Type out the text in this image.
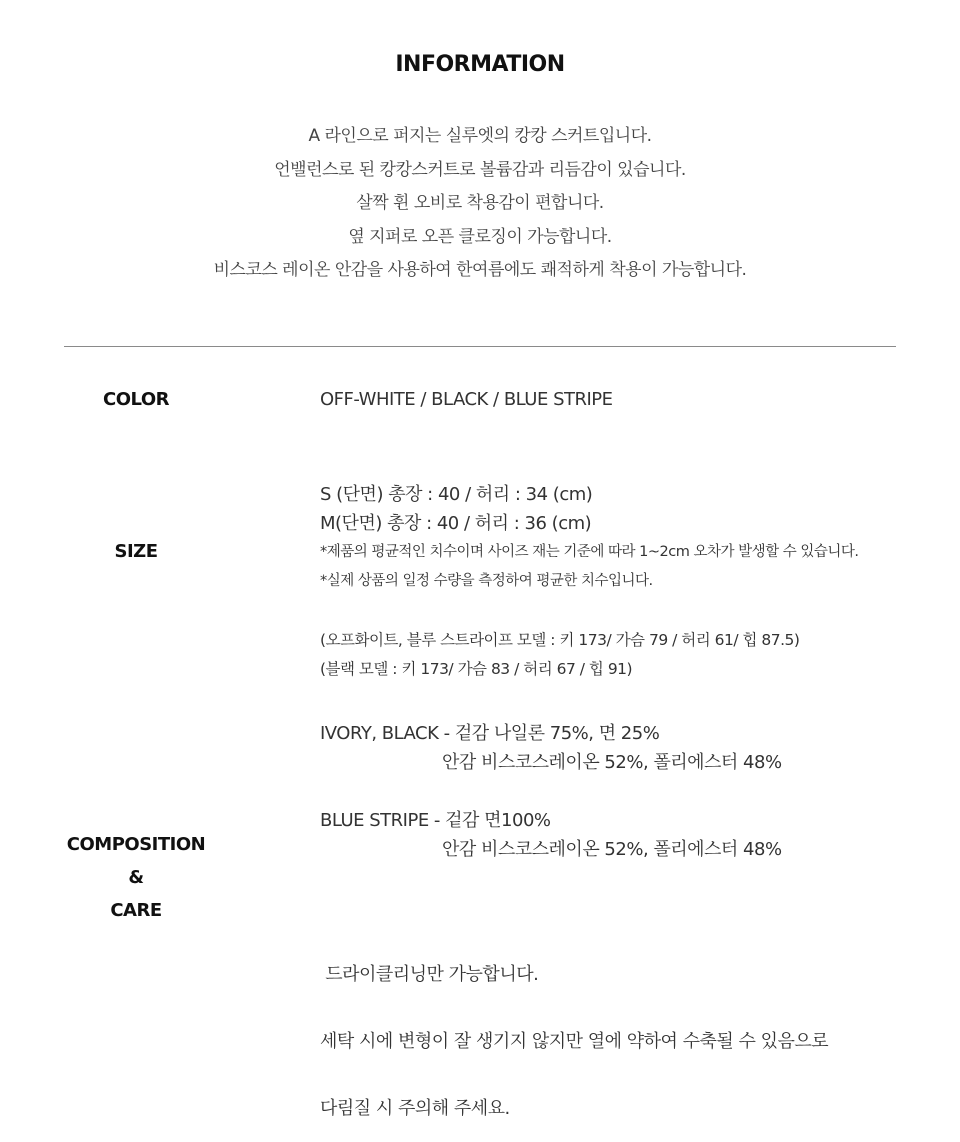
INFORMATION
A 라인으로 퍼지는 실루엣의 캉캉 스커트입니다.
언밸런스로 된 캉캉스커트로 볼륨감과 리듬감이 있습니다.
살짝 휜 오비로 착용감이 편합니다.
옆 지퍼로 오픈 클로징이 가능합니다.
비스코스 레이온 안감을 사용하여 한여름에도 쾌적하게 착용이 가능합니다.
COLOR	OFF-WHITE / BLACK / BLUE STRIPE
SIZE
S (단면) 총장 : 40 / 허리 : 34 (cm)
M(단면) 총장 : 40 / 허리 : 36 (cm)
*제품의 평균적인 치수이며 사이즈 재는 기준에 따라 1~2cm 오차가 발생할 수 있습니다.
*실제 상품의 일정 수량을 측정하여 평균한 치수입니다.
(오프화이트, 블루 스트라이프 모델 : 키 173/ 가슴 79 / 허리 61/ 힙 87.5)
(블랙 모델 : 키 173/ 가슴 83 / 허리 67 / 힙 91)
COMPOSITION
&
CARE
IVORY, BLACK - 겉감 나일론 75%, 면 25%
안감 비스코스레이온 52%, 폴리에스터 48%
BLUE STRIPE - 겉감 면100%
안감 비스코스레이온 52%, 폴리에스터 48%

드라이클리닝만 가능합니다.

세탁 시에 변형이 잘 생기지 않지만 열에 약하여 수축될 수 있음으로

다림질 시 주의해 주세요.
